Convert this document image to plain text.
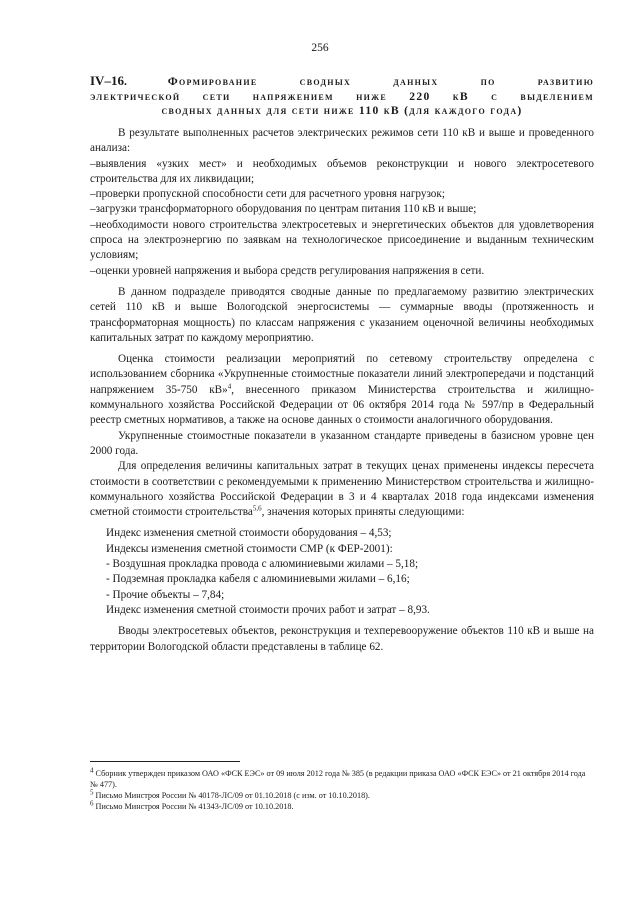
256
IV–16. Формирование сводных данных по развитию
электрической сети напряжением ниже 220 кВ с выделением
сводных данных для сети ниже 110 кВ (для каждого года)

В результате выполненных расчетов электрических режимов сети 110 кВ и выше и проведенного анализа:

–выявления «узких мест» и необходимых объемов реконструкции и нового электросетевого строительства для их ликвидации;

–проверки пропускной способности сети для расчетного уровня нагрузок;

–загрузки трансформаторного оборудования по центрам питания 110 кВ и выше;

–необходимости нового строительства электросетевых и энергетических объектов для удовлетворения спроса на электроэнергию по заявкам на технологическое присоединение и выданным техническим условиям;

–оценки уровней напряжения и выбора средств регулирования напряжения в сети.

В данном подразделе приводятся сводные данные по предлагаемому развитию электрических сетей 110 кВ и выше Вологодской энергосистемы — суммарные вводы (протяженность и трансформаторная мощность) по классам напряжения с указанием оценочной величины необходимых капитальных затрат по каждому мероприятию.

Оценка стоимости реализации мероприятий по сетевому строительству определена с использованием сборника «Укрупненные стоимостные показатели линий электропередачи и подстанций напряжением 35-750 кВ»$^4$, внесенного приказом Министерства строительства и жилищно-коммунального хозяйства Российской Федерации от 06 октября 2014 года № 597/пр в Федеральный реестр сметных нормативов, а также на основе данных о стоимости аналогичного оборудования.

Укрупненные стоимостные показатели в указанном стандарте приведены в базисном уровне цен 2000 года.

Для определения величины капитальных затрат в текущих ценах применены индексы пересчета стоимости в соответствии с рекомендуемыми к применению Министерством строительства и жилищно-коммунального хозяйства Российской Федерации в 3 и 4 кварталах 2018 года индексами изменения сметной стоимости строительства$^{5,6}$, значения которых приняты следующими:

Индекс изменения сметной стоимости оборудования – 4,53;

Индексы изменения сметной стоимости СМР (к ФЕР-2001):

- Воздушная прокладка провода с алюминиевыми жилами – 5,18;

- Подземная прокладка кабеля с алюминиевыми жилами – 6,16;

- Прочие объекты – 7,84;

Индекс изменения сметной стоимости прочих работ и затрат – 8,93.

Вводы электросетевых объектов, реконструкция и техперевооружение объектов 110 кВ и выше на территории Вологодской области представлены в таблице 62.

$^4$ Сборник утвержден приказом ОАО «ФСК ЕЭС» от 09 июля 2012 года № 385 (в редакции приказа ОАО «ФСК ЕЭС» от 21 октября 2014 года № 477).

$^5$ Письмо Минстроя России № 40178-ЛС/09 от 01.10.2018 (с изм. от 10.10.2018).

$^6$ Письмо Минстроя России № 41343-ЛС/09 от 10.10.2018.
